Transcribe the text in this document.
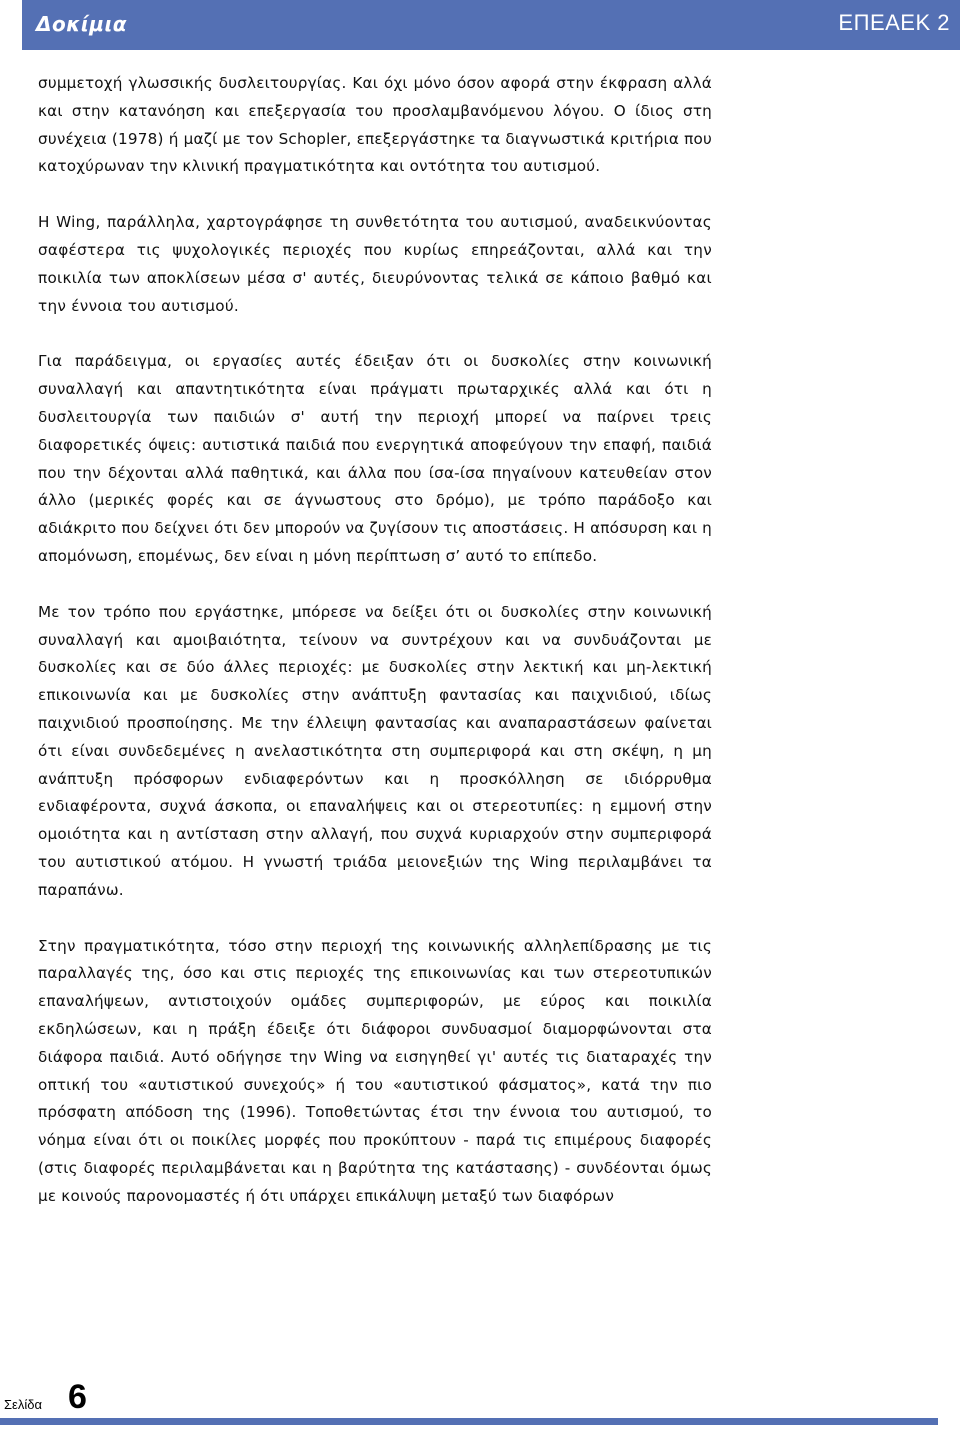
Δοκίμια	ΕΠΕΑΕΚ 2

συμμετοχή γλωσσικής δυσλειτουργίας. Και όχι μόνο όσον αφορά στην έκφραση αλλά και στην κατανόηση και επεξεργασία του προσλαμβανόμενου λόγου. Ο ίδιος στη συνέχεια (1978) ή μαζί με τον Schopler, επεξεργάστηκε τα διαγνωστικά κριτήρια που κατοχύρωναν την κλινική πραγματικότητα και οντότητα του αυτισμού.

Η Wing, παράλληλα, χαρτογράφησε τη συνθετότητα του αυτισμού, αναδεικνύοντας σαφέστερα τις ψυχολογικές περιοχές που κυρίως επηρεάζονται, αλλά και την ποικιλία των αποκλίσεων μέσα σ' αυτές, διευρύνοντας τελικά σε κάποιο βαθμό και την έννοια του αυτισμού.

Για παράδειγμα, οι εργασίες αυτές έδειξαν ότι οι δυσκολίες στην κοινωνική συναλλαγή και απαντητικότητα είναι πράγματι πρωταρχικές αλλά και ότι η δυσλειτουργία των παιδιών σ' αυτή την περιοχή μπορεί να παίρνει τρεις διαφορετικές όψεις: αυτιστικά παιδιά που ενεργητικά αποφεύγουν την επαφή, παιδιά που την δέχονται αλλά παθητικά, και άλλα που ίσα-ίσα πηγαίνουν κατευθείαν στον άλλο (μερικές φορές και σε άγνωστους στο δρόμο), με τρόπο παράδοξο και αδιάκριτο που δείχνει ότι δεν μπορούν να ζυγίσουν τις αποστάσεις. Η απόσυρση και η απομόνωση, επομένως, δεν είναι η μόνη περίπτωση σ’ αυτό το επίπεδο.

Με τον τρόπο που εργάστηκε, μπόρεσε να δείξει ότι οι δυσκολίες στην κοινωνική συναλλαγή και αμοιβαιότητα, τείνουν να συντρέχουν και να συνδυάζονται με δυσκολίες και σε δύο άλλες περιοχές: με δυσκολίες στην λεκτική και μη-λεκτική επικοινωνία και με δυσκολίες στην ανάπτυξη φαντασίας και παιχνιδιού, ιδίως παιχνιδιού προσποίησης. Με την έλλειψη φαντασίας και αναπαραστάσεων φαίνεται ότι είναι συνδεδεμένες η ανελαστικότητα στη συμπεριφορά και στη σκέψη, η μη ανάπτυξη πρόσφορων ενδιαφερόντων και η προσκόλληση σε ιδιόρρυθμα ενδιαφέροντα, συχνά άσκοπα, οι επαναλήψεις και οι στερεοτυπίες: η εμμονή στην ομοιότητα και η αντίσταση στην αλλαγή, που συχνά κυριαρχούν στην συμπεριφορά του αυτιστικού ατόμου. Η γνωστή τριάδα μειονεξιών της Wing περιλαμβάνει τα παραπάνω.

Στην πραγματικότητα, τόσο στην περιοχή της κοινωνικής αλληλεπίδρασης με τις παραλλαγές της, όσο και στις περιοχές της επικοινωνίας και των στερεοτυπικών επαναλήψεων, αντιστοιχούν ομάδες συμπεριφορών, με εύρος και ποικιλία εκδηλώσεων, και η πράξη έδειξε ότι διάφοροι συνδυασμοί διαμορφώνονται στα διάφορα παιδιά. Αυτό οδήγησε την Wing να εισηγηθεί γι' αυτές τις διαταραχές την οπτική του «αυτιστικού συνεχούς» ή του «αυτιστικού φάσματος», κατά την πιο πρόσφατη απόδοση της (1996). Τοποθετώντας έτσι την έννοια του αυτισμού, το νόημα είναι ότι οι ποικίλες μορφές που προκύπτουν - παρά τις επιμέρους διαφορές (στις διαφορές περιλαμβάνεται και η βαρύτητα της κατάστασης) - συνδέονται όμως με κοινούς παρονομαστές ή ότι υπάρχει επικάλυψη μεταξύ των διαφόρων

Σελίδα 6
